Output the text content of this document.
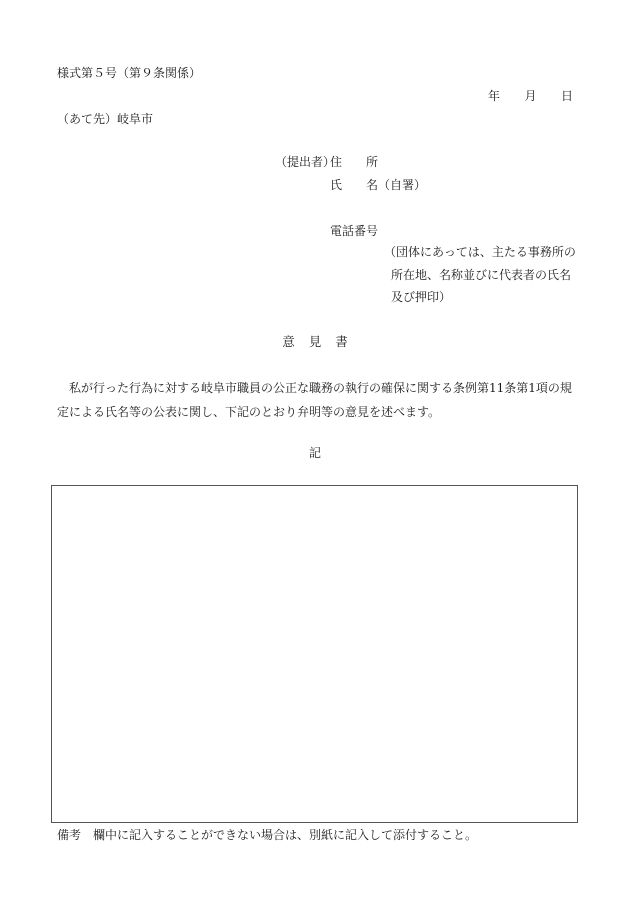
様式第５号（第９条関係）
年 月 日
（あて先）岐阜市
（提出者）
住　　所
氏　　名（自署）
電話番号
（団体にあっては、主たる事務所の
所在地、名称並びに代表者の氏名
及び押印）
意見書
私が行った行為に対する岐阜市職員の公正な職務の執行の確保に関する条例第11条第1項の規定による氏名等の公表に関し、下記のとおり弁明等の意見を述べます。
記
備考　欄中に記入することができない場合は、別紙に記入して添付すること。
